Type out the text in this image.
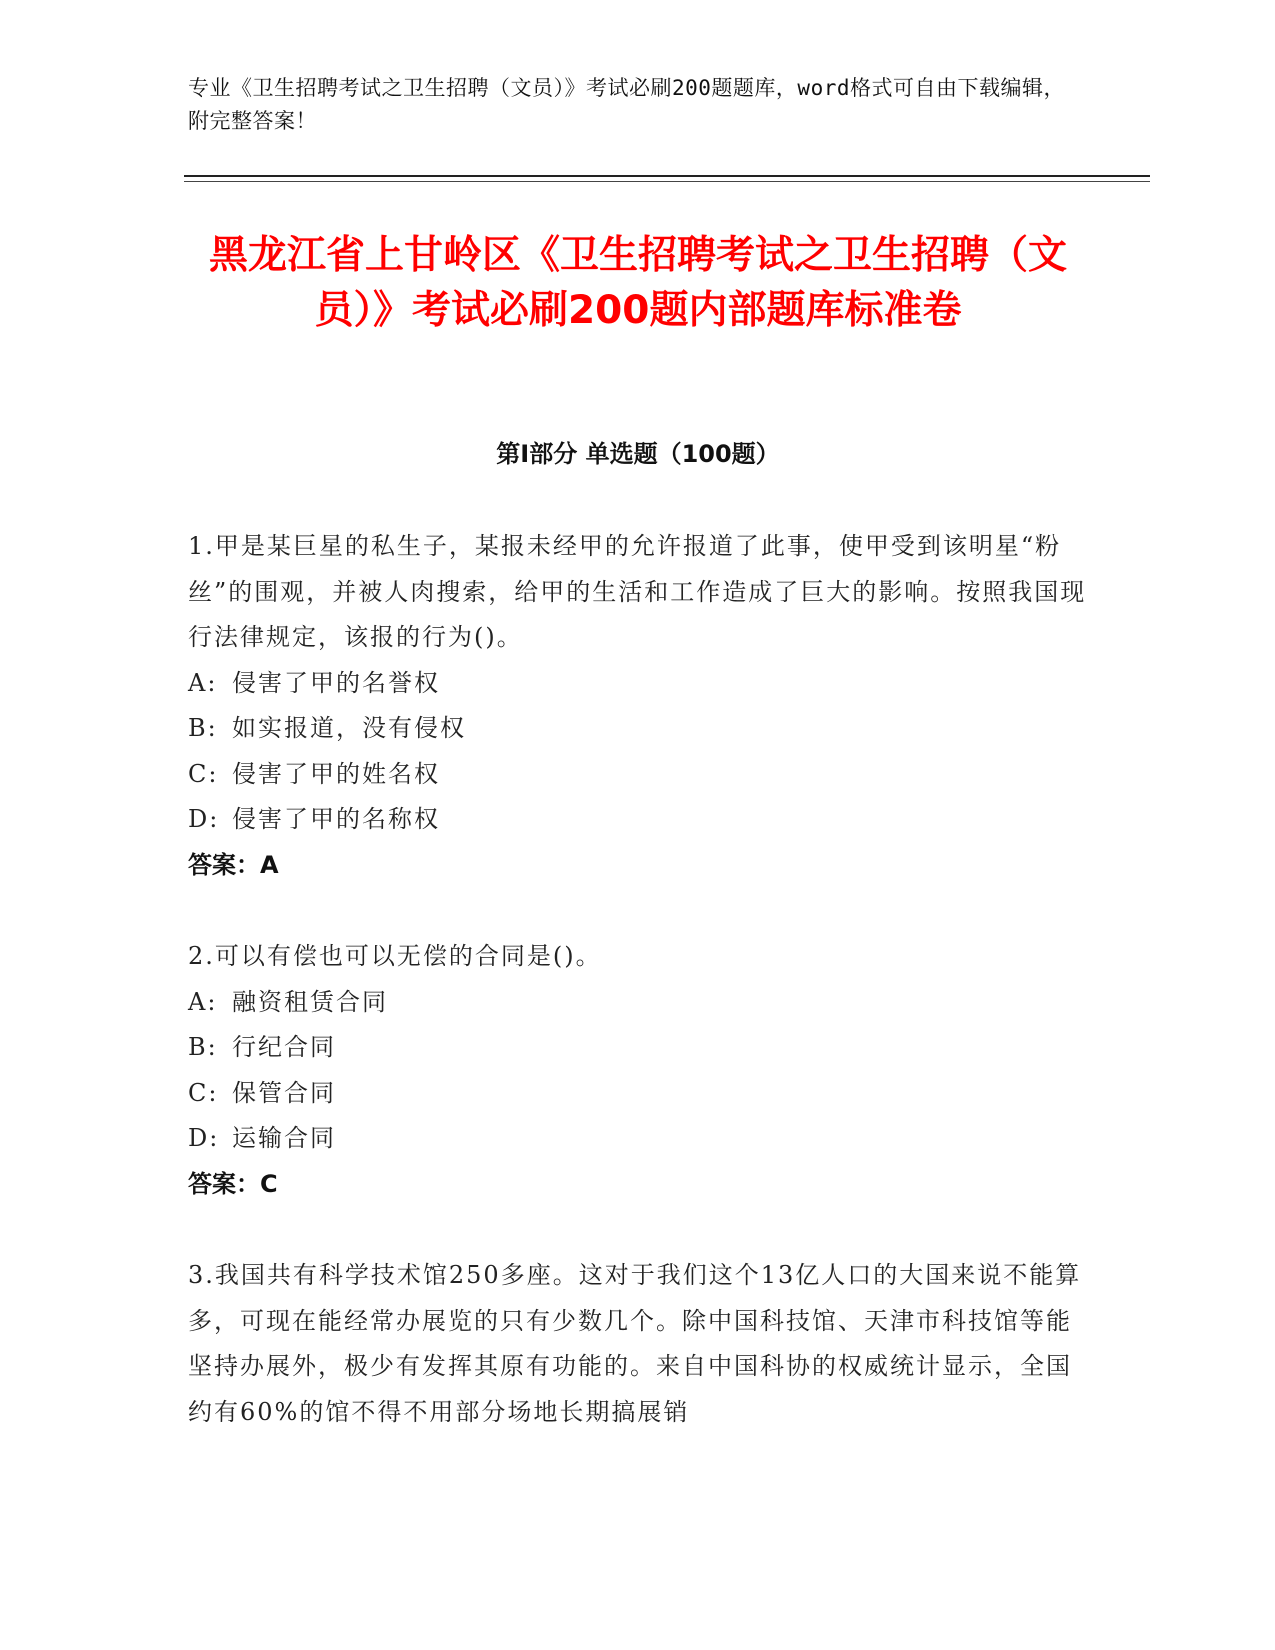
专业《卫生招聘考试之卫生招聘（文员）》考试必刷200题题库，word格式可自由下载编辑，附完整答案！

黑龙江省上甘岭区《卫生招聘考试之卫生招聘（文员）》考试必刷200题内部题库标准卷
第I部分 单选题（100题）

1.甲是某巨星的私生子，某报未经甲的允许报道了此事，使甲受到该明星“粉丝”的围观，并被人肉搜索，给甲的生活和工作造成了巨大的影响。按照我国现行法律规定，该报的行为()。

A: 侵害了甲的名誉权

B: 如实报道，没有侵权

C: 侵害了甲的姓名权

D: 侵害了甲的名称权

答案：A

2.可以有偿也可以无偿的合同是()。

A: 融资租赁合同

B: 行纪合同

C: 保管合同

D: 运输合同

答案：C

3.我国共有科学技术馆250多座。这对于我们这个13亿人口的大国来说不能算多，可现在能经常办展览的只有少数几个。除中国科技馆、天津市科技馆等能坚持办展外，极少有发挥其原有功能的。来自中国科协的权威统计显示，全国约有60%的馆不得不用部分场地长期搞展销
